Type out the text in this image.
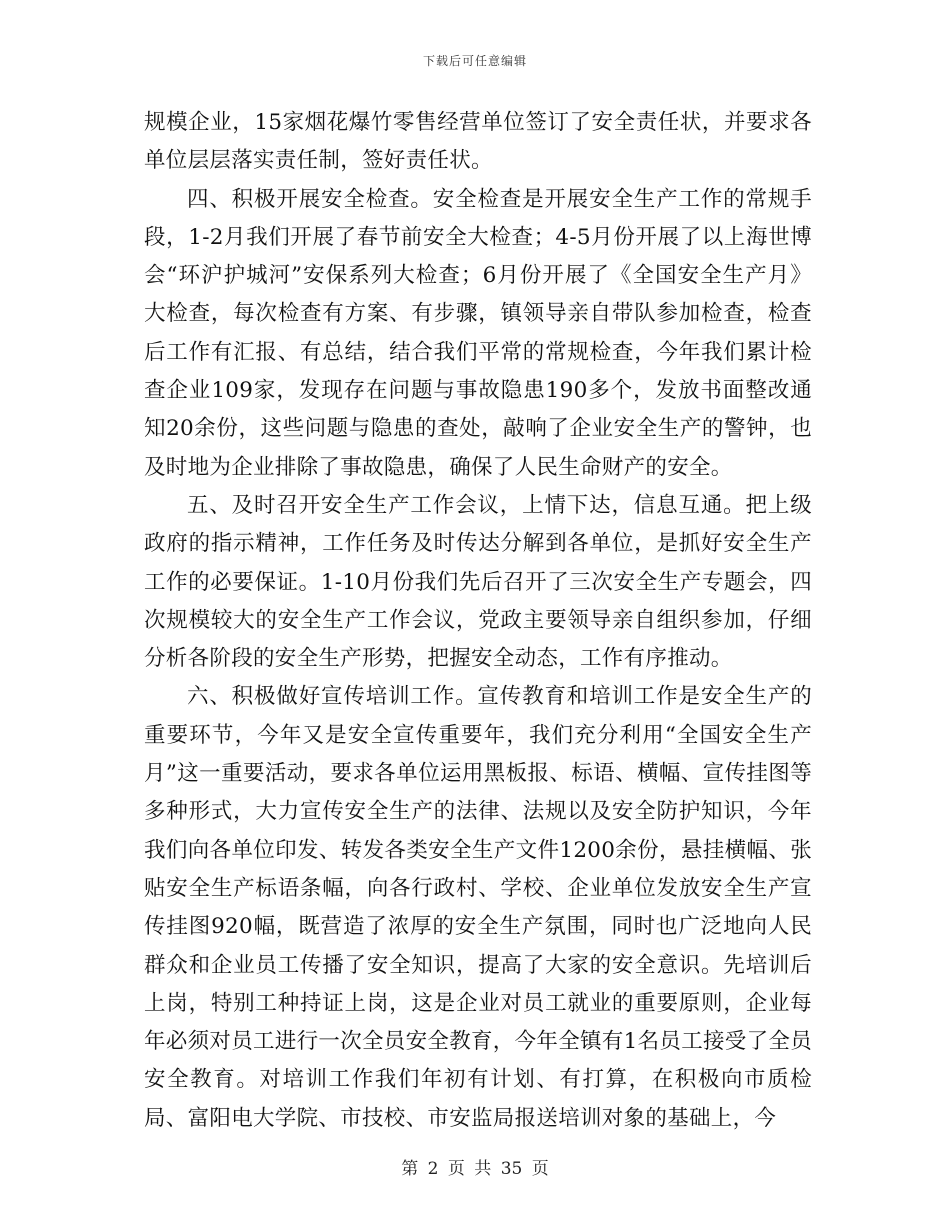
下载后可任意编辑

规模企业，15家烟花爆竹零售经营单位签订了安全责任状，并要求各单位层层落实责任制，签好责任状。

四、积极开展安全检查。安全检查是开展安全生产工作的常规手段，1-2月我们开展了春节前安全大检查；4-5月份开展了以上海世博会“环沪护城河”安保系列大检查；6月份开展了《全国安全生产月》大检查，每次检查有方案、有步骤，镇领导亲自带队参加检查，检查后工作有汇报、有总结，结合我们平常的常规检查，今年我们累计检查企业109家，发现存在问题与事故隐患190多个，发放书面整改通知20余份，这些问题与隐患的查处，敲响了企业安全生产的警钟，也及时地为企业排除了事故隐患，确保了人民生命财产的安全。

五、及时召开安全生产工作会议，上情下达，信息互通。把上级政府的指示精神，工作任务及时传达分解到各单位，是抓好安全生产工作的必要保证。1-10月份我们先后召开了三次安全生产专题会，四次规模较大的安全生产工作会议，党政主要领导亲自组织参加，仔细分析各阶段的安全生产形势，把握安全动态，工作有序推动。

六、积极做好宣传培训工作。宣传教育和培训工作是安全生产的重要环节，今年又是安全宣传重要年，我们充分利用“全国安全生产月”这一重要活动，要求各单位运用黑板报、标语、横幅、宣传挂图等多种形式，大力宣传安全生产的法律、法规以及安全防护知识，今年我们向各单位印发、转发各类安全生产文件1200余份，悬挂横幅、张贴安全生产标语条幅，向各行政村、学校、企业单位发放安全生产宣传挂图920幅，既营造了浓厚的安全生产氛围，同时也广泛地向人民群众和企业员工传播了安全知识，提高了大家的安全意识。先培训后上岗，特别工种持证上岗，这是企业对员工就业的重要原则，企业每年必须对员工进行一次全员安全教育，今年全镇有1名员工接受了全员安全教育。对培训工作我们年初有计划、有打算，在积极向市质检局、富阳电大学院、市技校、市安监局报送培训对象的基础上，今

第 2 页 共 35 页
